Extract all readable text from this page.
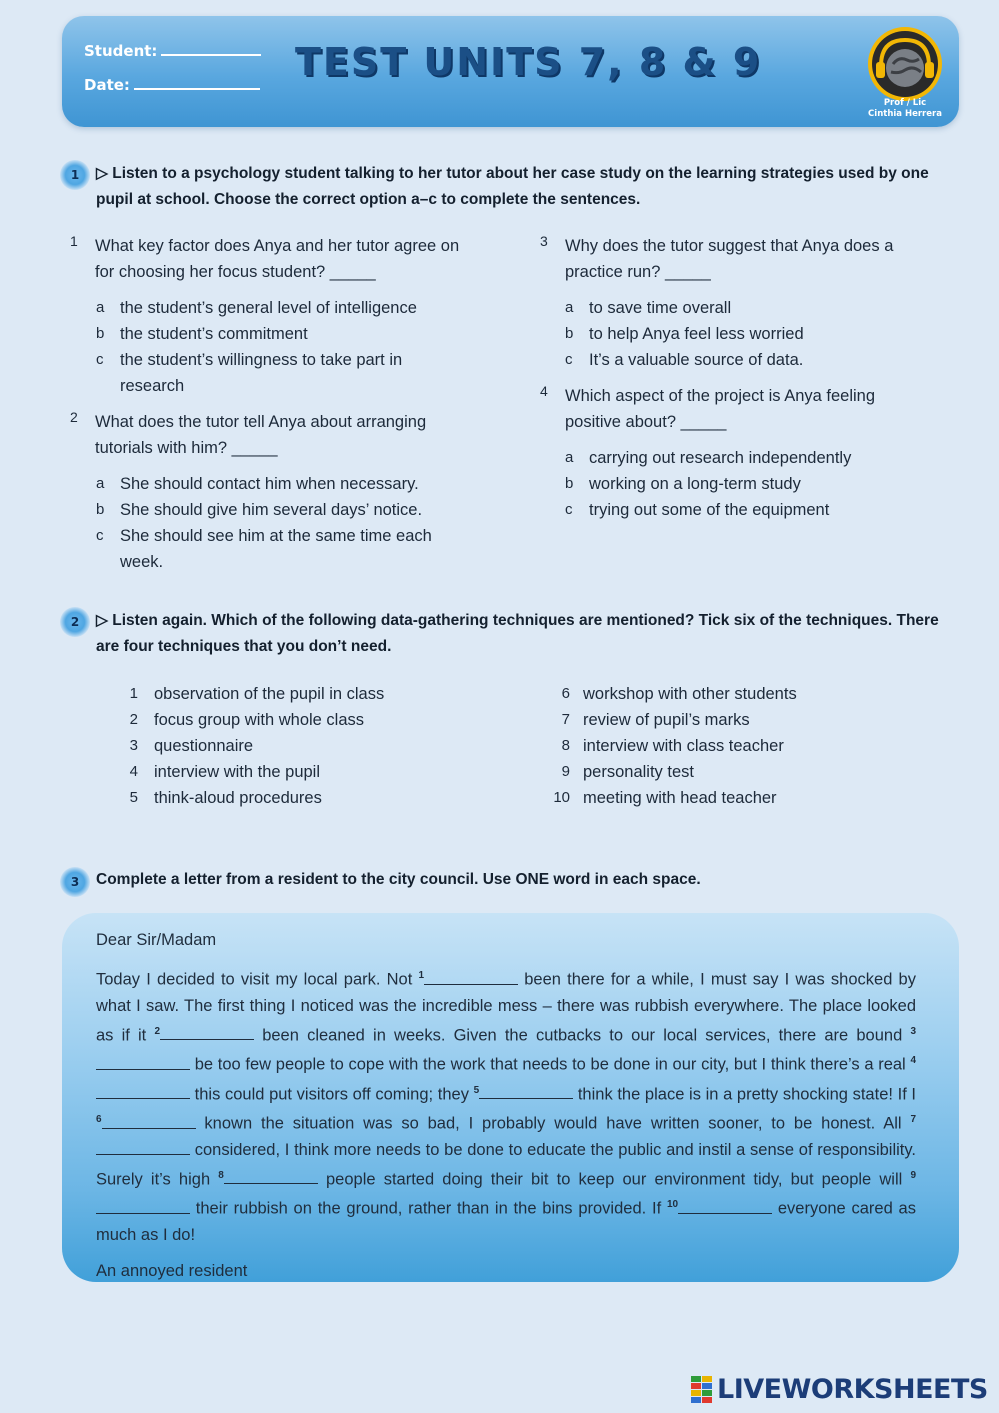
Student:
Date:
TEST UNITS 7, 8 & 9
Prof / Lic
Cinthia Herrera
1	▷ Listen to a psychology student talking to her tutor about her case study on the learning strategies used by one pupil at school. Choose the correct option a–c to complete the sentences.
1	What key factor does Anya and her tutor agree on for choosing her focus student? _____
a the student’s general level of intelligence
b the student’s commitment
c the student’s willingness to take part in research
2	What does the tutor tell Anya about arranging tutorials with him? _____
a She should contact him when necessary.
b She should give him several days’ notice.
c She should see him at the same time each week.
3	Why does the tutor suggest that Anya does a practice run? _____
a to save time overall
b to help Anya feel less worried
c It’s a valuable source of data.
4	Which aspect of the project is Anya feeling positive about? _____
a carrying out research independently
b working on a long-term study
c trying out some of the equipment
2	▷ Listen again. Which of the following data-gathering techniques are mentioned? Tick six of the techniques. There are four techniques that you don’t need.
1 observation of the pupil in class
2 focus group with whole class
3 questionnaire
4 interview with the pupil
5 think-aloud procedures
6 workshop with other students
7 review of pupil’s marks
8 interview with class teacher
9 personality test
10 meeting with head teacher
3	Complete a letter from a resident to the city council. Use ONE word in each space.

Dear Sir/Madam

Today I decided to visit my local park. Not $^1$	been there for a while, I must say I was shocked by what I saw. The first thing I noticed was the incredible mess – there was rubbish everywhere. The place looked as if it $^2$	been cleaned in weeks. Given the cutbacks to our local services, there are bound $^3$ be too few people to cope with the work that needs to be done in our city, but I think there’s a real $^4$ this could put visitors off coming; they $^5$	think the place is in a pretty shocking state! If I $^6$	known the situation was so bad, I probably would have written sooner, to be honest. All $^7$ considered, I think more needs to be done to educate the public and instil a sense of responsibility. Surely it’s high $^8$	people started doing their bit to keep our environment tidy, but people will $^9$ their rubbish on the ground, rather than in the bins provided. If $^{10}$	everyone cared as much as I do!

An annoyed resident

LIVEWORKSHEETS
